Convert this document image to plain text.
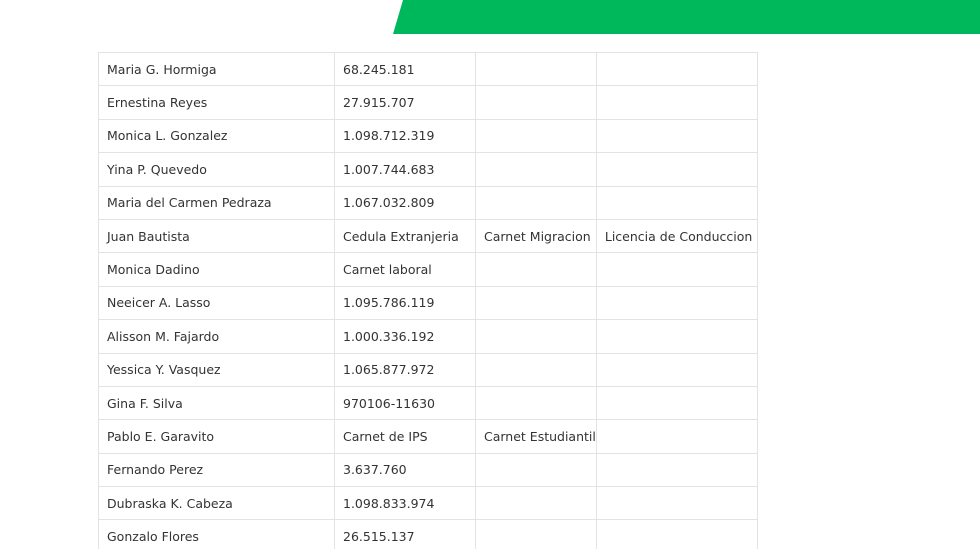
Maria G. Hormiga	68.245.181		
Ernestina Reyes	27.915.707		
Monica L. Gonzalez	1.098.712.319		
Yina P. Quevedo	1.007.744.683		
Maria del Carmen Pedraza	1.067.032.809		
Juan Bautista	Cedula Extranjeria	Carnet Migracion	Licencia de Conduccion
Monica Dadino	Carnet laboral		
Neeicer A. Lasso	1.095.786.119		
Alisson M. Fajardo	1.000.336.192		
Yessica Y. Vasquez	1.065.877.972		
Gina F. Silva	970106-11630		
Pablo E. Garavito	Carnet de IPS	Carnet Estudiantil	
Fernando Perez	3.637.760		
Dubraska K. Cabeza	1.098.833.974		
Gonzalo Flores	26.515.137		
